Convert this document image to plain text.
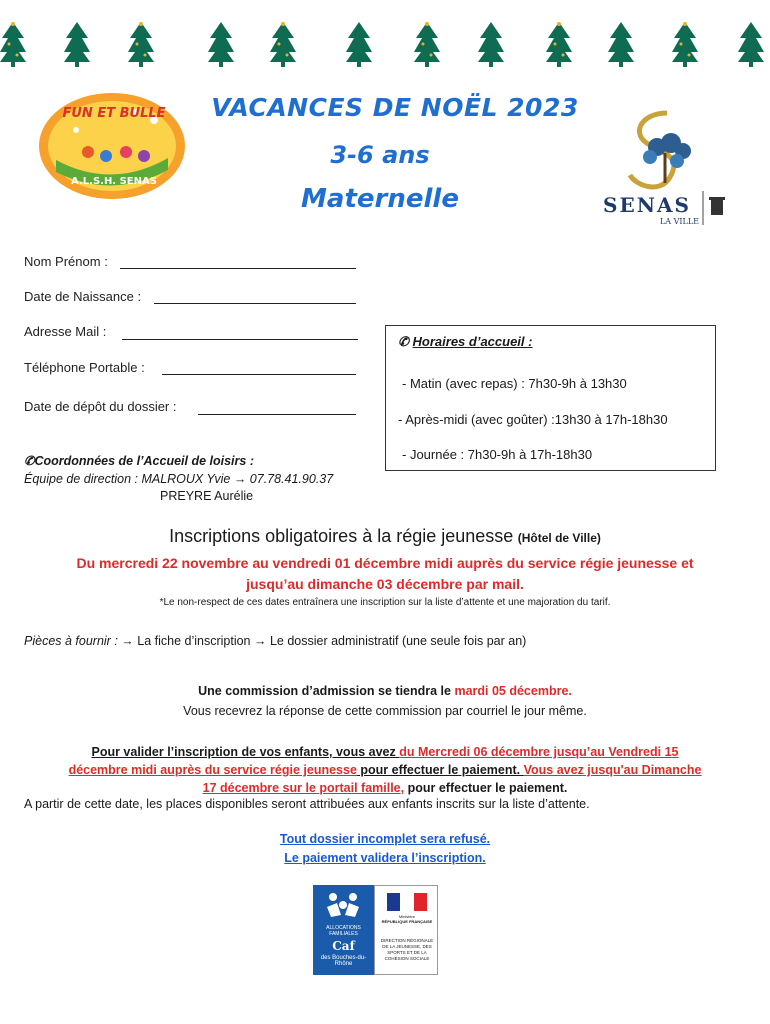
FUN ET BULLE
A.L.S.H. SENAS
VACANCES DE NOËL 2023
3-6 ans
Maternelle	SENAS
LA VILLE
Nom Prénom :
Date de Naissance :
Adresse Mail :
Téléphone Portable :
Date de dépôt du dossier :
✆ Horaires d’accueil :
- Matin (avec repas) : 7h30-9h à 13h30
- Après-midi (avec goûter) :13h30 à 17h-18h30
- Journée : 7h30-9h à 17h-18h30
✆Coordonnées de l’Accueil de loisirs :
Équipe de direction : MALROUX Yvie → 07.78.41.90.37
PREYRE Aurélie
Inscriptions obligatoires à la régie jeunesse (Hôtel de Ville)
Du mercredi 22 novembre au vendredi 01 décembre midi auprès du service régie jeunesse et
jusqu’au dimanche 03 décembre par mail.
*Le non-respect de ces dates entraînera une inscription sur la liste d’attente et une majoration du tarif.
Pièces à fournir : → La fiche d’inscription → Le dossier administratif (une seule fois par an)
Une commission d’admission se tiendra le mardi 05 décembre.
Vous recevrez la réponse de cette commission par courriel le jour même.
Pour valider l’inscription de vos enfants, vous avez du Mercredi 06 décembre jusqu’au Vendredi 15
décembre midi auprès du service régie jeunesse pour effectuer le paiement. Vous avez jusqu'au Dimanche
17 décembre sur le portail famille, pour effectuer le paiement.
A partir de cette date, les places disponibles seront attribuées aux enfants inscrits sur la liste d’attente.
Tout dossier incomplet sera refusé.
Le paiement validera l’inscription.
ALLOCATIONS FAMILIALES
Caf
des Bouches-du-Rhône
Ministère
RÉPUBLIQUE FRANÇAISE
DIRECTION RÉGIONALE DE LA JEUNESSE, DES SPORTS ET DE LA COHÉSION SOCIALE
